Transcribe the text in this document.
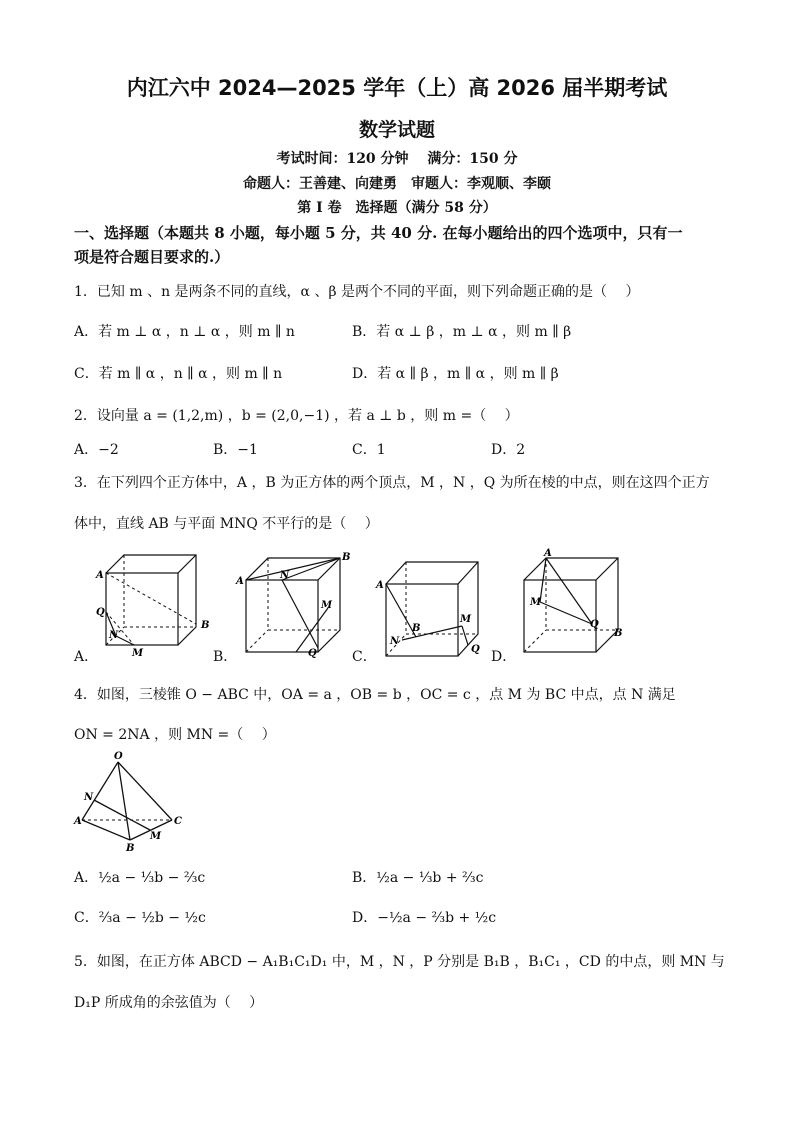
内江六中 2024—2025 学年（上）高 2026 届半期考试
数学试题
考试时间：120 分钟　 满分：150 分
命题人：王善建、向建勇　审题人：李观顺、李颐
第 I 卷　选择题（满分 58 分）
一、选择题（本题共 8 小题，每小题 5 分，共 40 分. 在每小题给出的四个选项中，只有一
项是符合题目要求的.）
1．已知 m 、n 是两条不同的直线，α 、β 是两个不同的平面，则下列命题正确的是（　 ）
A．若 m ⊥ α ，n ⊥ α ，则 m ∥ n	B．若 α ⊥ β ，m ⊥ α ，则 m ∥ β
C．若 m ∥ α ，n ∥ α ，则 m ∥ n	D．若 α ∥ β ，m ∥ α ，则 m ∥ β
2．设向量 a = (1,2,m) ，b = (2,0,−1) ，若 a ⊥ b ，则 m =（　 ）
A．−2	B．−1	C．1	D．2
3．在下列四个正方体中，A ，B 为正方体的两个顶点，M ，N ，Q 为所在棱的中点，则在这四个正方
体中，直线 AB 与平面 MNQ 不平行的是（　 ）
A
B
Q
N
M
A
B
N
M
Q
A
B
N
M
Q
A
M
Q
B
A．	B．	C．	D．
4．如图，三棱锥 O − ABC 中，OA = a ，OB = b ，OC = c ，点 M 为 BC 中点，点 N 满足
ON = 2NA ，则 MN =（　 ）
O
N
A
B
C
M
A．½a − ⅓b − ⅔c	B．½a − ⅓b + ⅔c
C．⅔a − ½b − ½c	D．−½a − ⅔b + ½c
5．如图，在正方体 ABCD − A₁B₁C₁D₁ 中，M ，N ，P 分别是 B₁B ，B₁C₁ ，CD 的中点，则 MN 与
D₁P 所成角的余弦值为（　 ）
